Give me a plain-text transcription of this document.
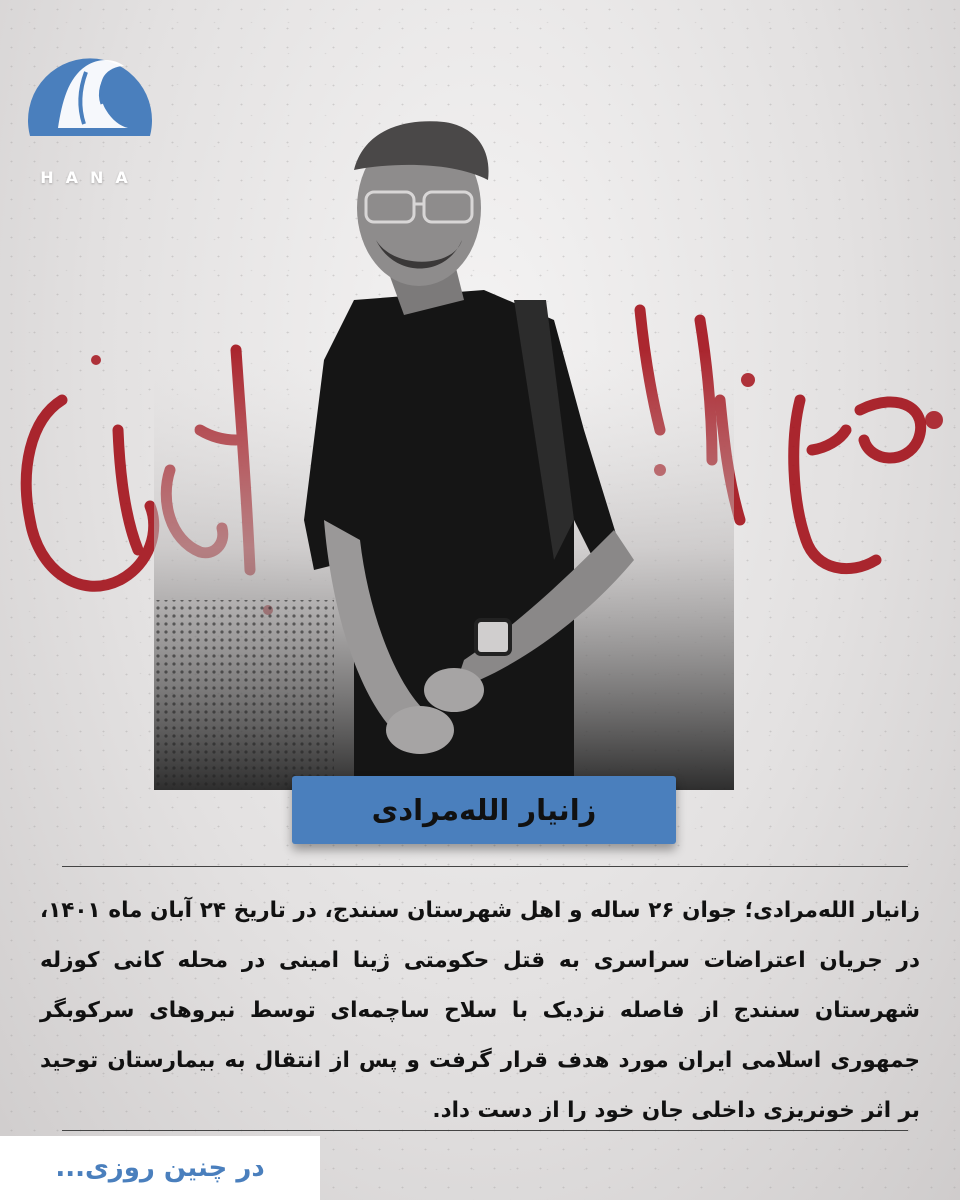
HANA
زانیار الله‌مرادی
زانیار الله‌مرادی؛ جوان ۲۶ ساله و اهل شهرستان سنندج، در تاریخ ۲۴ آبان ماه ۱۴۰۱، در جریان اعتراضات سراسری به قتل حکومتی ژینا امینی در محله کانی کوزله شهرستان سنندج از فاصله نزدیک با سلاح ساچمه‌ای توسط نیروهای سرکوبگر جمهوری اسلامی ایران مورد هدف قرار گرفت و پس از انتقال به بیمارستان توحید بر اثر خونریزی داخلی جان خود را از دست داد.
در چنین روزی...
